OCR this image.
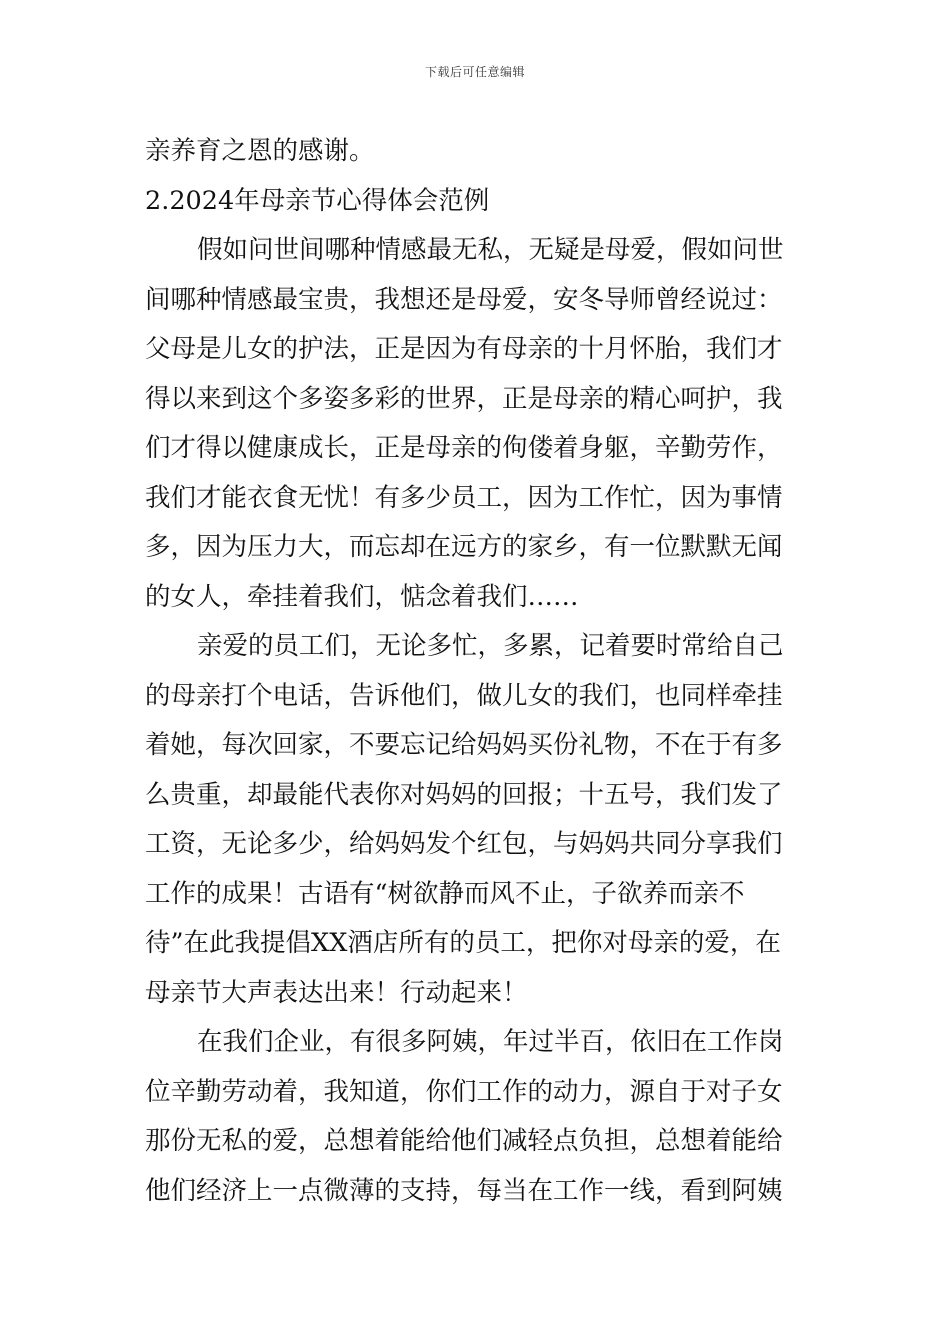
下载后可任意编辑
亲养育之恩的感谢。
2.2024年母亲节心得体会范例
假如问世间哪种情感最无私，无疑是母爱，假如问世
间哪种情感最宝贵，我想还是母爱，安冬导师曾经说过：
父母是儿女的护法，正是因为有母亲的十月怀胎，我们才
得以来到这个多姿多彩的世界，正是母亲的精心呵护，我
们才得以健康成长，正是母亲的佝偻着身躯，辛勤劳作，
我们才能衣食无忧！有多少员工，因为工作忙，因为事情
多，因为压力大，而忘却在远方的家乡，有一位默默无闻
的女人，牵挂着我们，惦念着我们……
亲爱的员工们，无论多忙，多累，记着要时常给自己
的母亲打个电话，告诉他们，做儿女的我们，也同样牵挂
着她，每次回家，不要忘记给妈妈买份礼物，不在于有多
么贵重，却最能代表你对妈妈的回报；十五号，我们发了
工资，无论多少，给妈妈发个红包，与妈妈共同分享我们
工作的成果！古语有“树欲静而风不止，子欲养而亲不
待”在此我提倡XX酒店所有的员工，把你对母亲的爱，在
母亲节大声表达出来！行动起来！
在我们企业，有很多阿姨，年过半百，依旧在工作岗
位辛勤劳动着，我知道，你们工作的动力，源自于对子女
那份无私的爱，总想着能给他们减轻点负担，总想着能给
他们经济上一点微薄的支持，每当在工作一线，看到阿姨
